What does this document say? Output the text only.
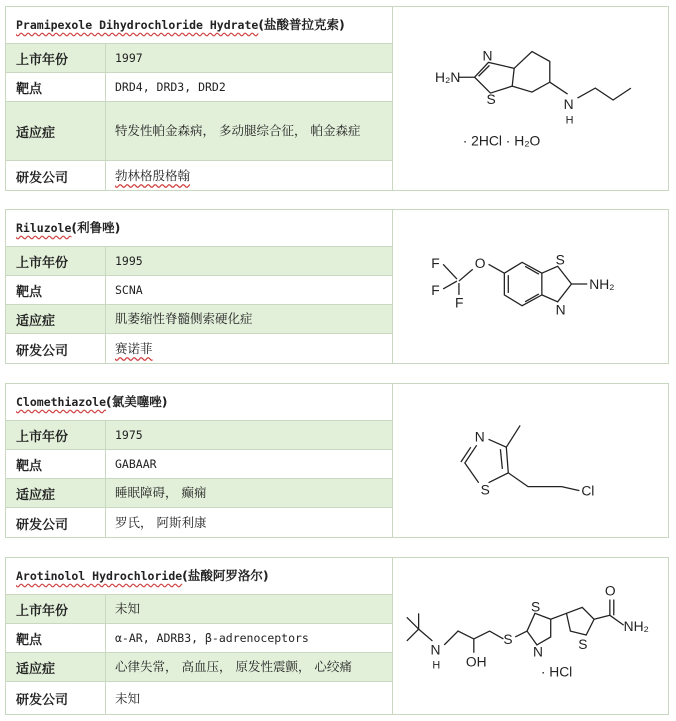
Pramipexole Dihydrochloride Hydrate(盐酸普拉克索)
上市年份	1997
靶点	DRD4, DRD3, DRD2
适应症	特发性帕金森病， 多动腿综合征， 帕金森症
研发公司	勃林格殷格翰
H₂N
N
S	N
H
· 2HCl · H₂O
Riluzole(利鲁唑)
上市年份	1995
靶点	SCNA
适应症	肌萎缩性脊髓侧索硬化症
研发公司	赛诺菲
F
F
F
O	S
N
NH₂
Clomethiazole(氯美噻唑)
上市年份	1975
靶点	GABAAR
适应症	睡眠障碍， 癫痫
研发公司	罗氏， 阿斯利康
N
S	Cl
Arotinolol Hydrochloride(盐酸阿罗洛尔)
上市年份	未知
靶点	α-AR, ADRB3, β-adrenoceptors
适应症	心律失常， 高血压， 原发性震颤， 心绞痛
研发公司	未知
N
H OH
S
S
N
S
O
NH₂
· HCl
